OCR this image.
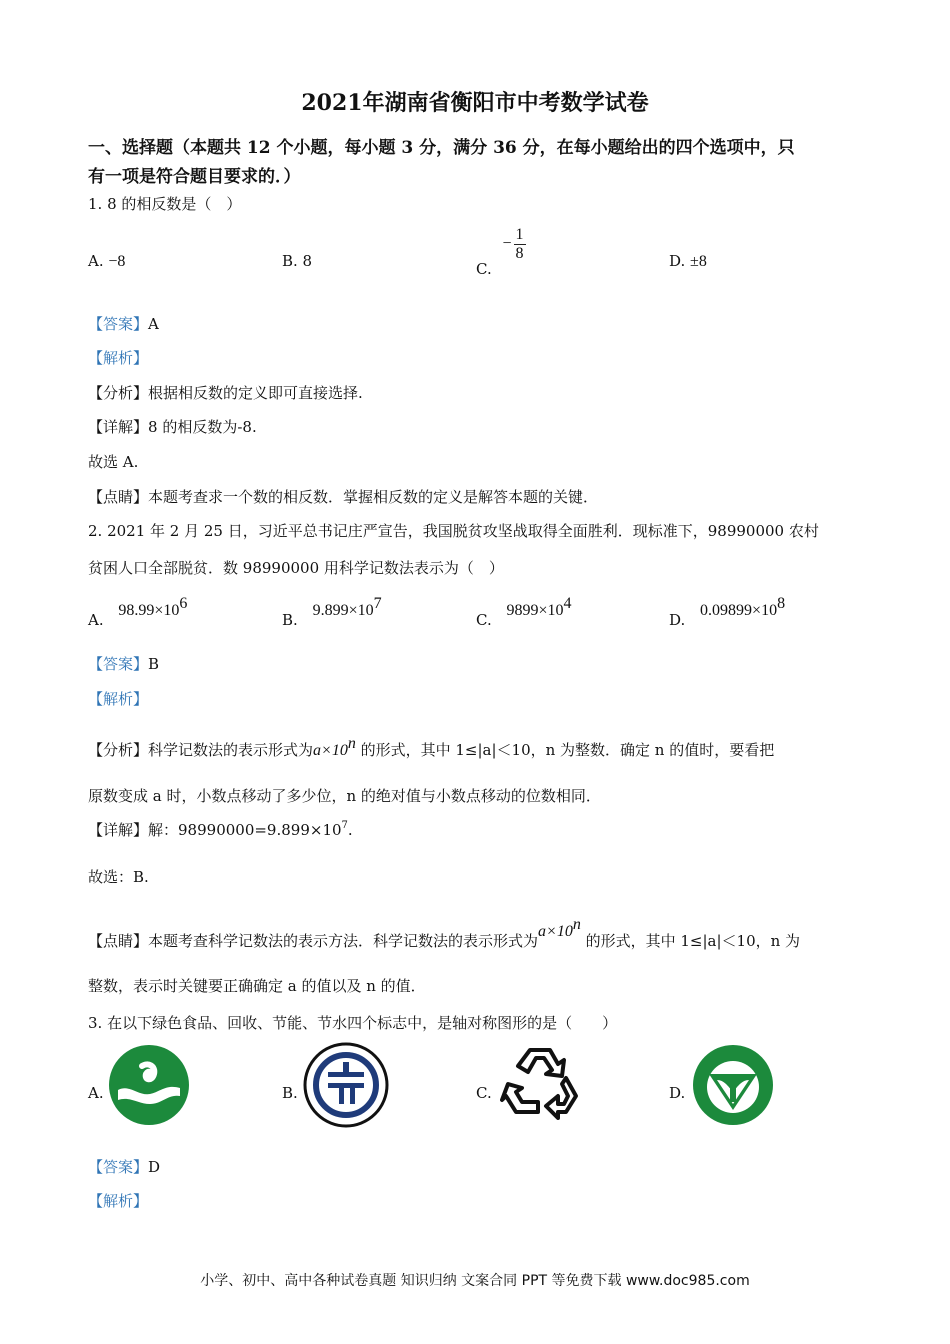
2021年湖南省衡阳市中考数学试卷
一、选择题（本题共 12 个小题，每小题 3 分，满分 36 分，在每小题给出的四个选项中，只
有一项是符合题目要求的．）
1. 8 的相反数是（　）
A. −8	B. 8	C. − $\frac{1}{8}$	D. ±8
【答案】A
【解析】
【分析】根据相反数的定义即可直接选择.
【详解】8 的相反数为-8.
故选 A.
【点睛】本题考查求一个数的相反数．掌握相反数的定义是解答本题的关键．
2. 2021 年 2 月 25 日，习近平总书记庄严宣告，我国脱贫攻坚战取得全面胜利．现标准下，98990000 农村
贫困人口全部脱贫．数 98990000 用科学记数法表示为（　）
A. $98.99\times 10^6$
B. $9.899\times 10^7$
C. $9899\times 10^4$
D. $0.09899\times 10^8$
【答案】B
【解析】
【分析】科学记数法的表示形式为$a\times 10^n$ 的形式，其中 1≤|a|＜10，n 为整数．确定 n 的值时，要看把
原数变成 a 时，小数点移动了多少位，n 的绝对值与小数点移动的位数相同．
【详解】解：$98990000=9.899\times 10^7$.
故选：B.
【点睛】本题考查科学记数法的表示方法．科学记数法的表示形式为$a\times 10^n$ 的形式，其中 1≤|a|＜10，n 为
整数，表示时关键要正确确定 a 的值以及 n 的值．
3. 在以下绿色食品、回收、节能、节水四个标志中，是轴对称图形的是（　　）
A.	B.	C.	D.
【答案】D
【解析】
小学、初中、高中各种试卷真题 知识归纳 文案合同 PPT 等免费下载 www.doc985.com
